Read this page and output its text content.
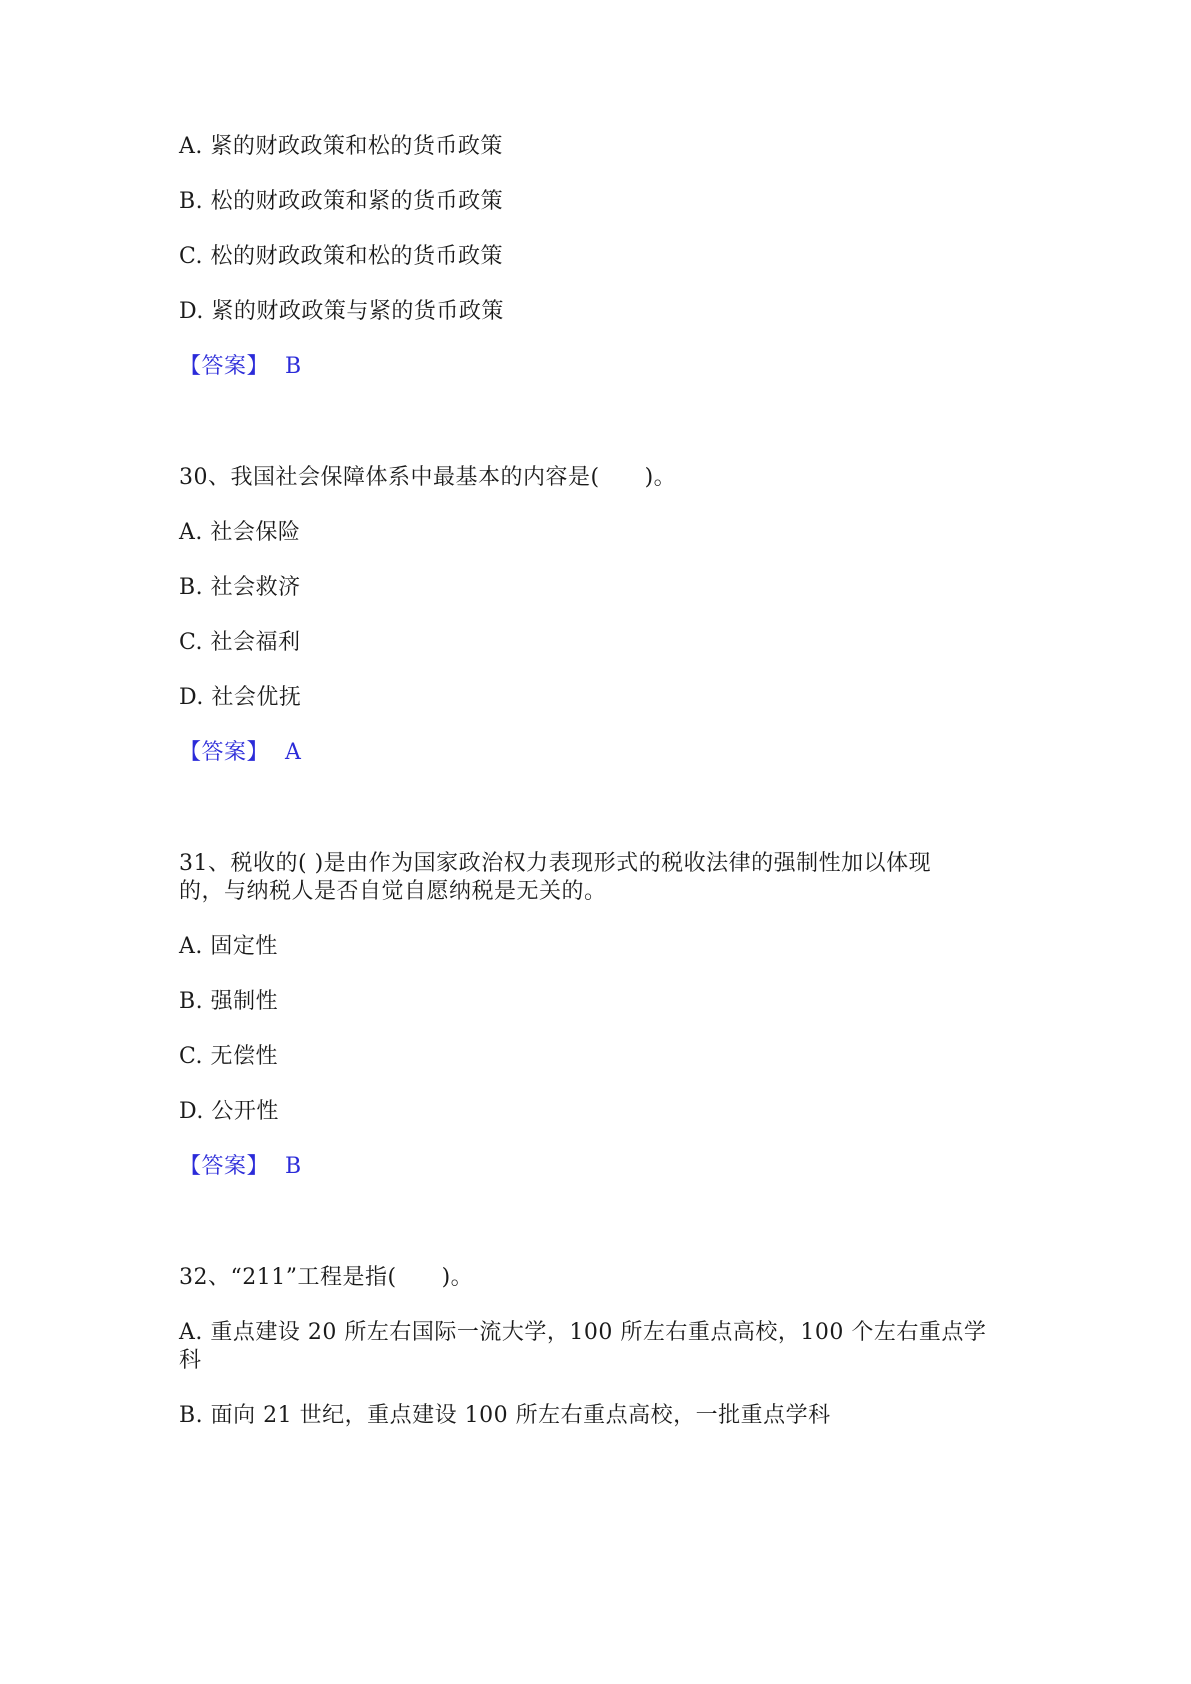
A. 紧的财政政策和松的货币政策
B. 松的财政政策和紧的货币政策
C. 松的财政政策和松的货币政策
D. 紧的财政政策与紧的货币政策
【答案】 B
30、我国社会保障体系中最基本的内容是(　　)。
A. 社会保险
B. 社会救济
C. 社会福利
D. 社会优抚
【答案】 A
31、税收的( )是由作为国家政治权力表现形式的税收法律的强制性加以体现
的，与纳税人是否自觉自愿纳税是无关的。
A. 固定性
B. 强制性
C. 无偿性
D. 公开性
【答案】 B
32、“211”工程是指(　　)。
A. 重点建设 20 所左右国际一流大学，100 所左右重点高校，100 个左右重点学
科
B. 面向 21 世纪，重点建设 100 所左右重点高校，一批重点学科
